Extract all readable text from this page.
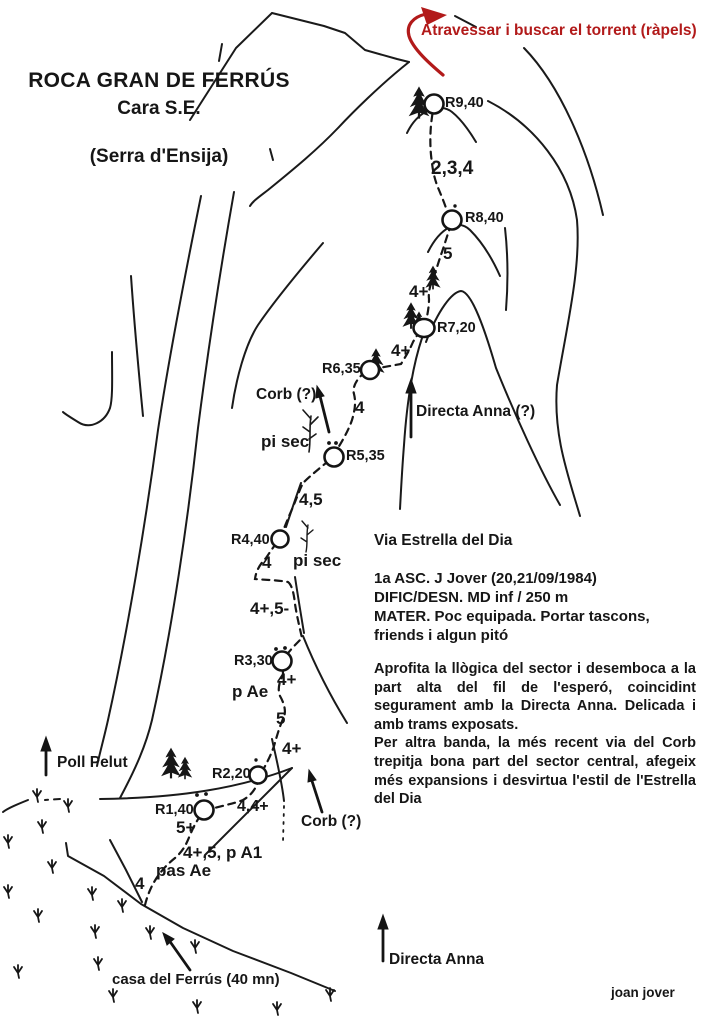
Atravessar i buscar el torrent (ràpels)
ROCA GRAN DE FERRÚS
Cara S.E.
(Serra d'Ensija)
R9,40
R8,40
R7,20
R6,35
R5,35
R4,40
R3,30
R2,20
R1,40
2,3,4
5
4+
4+
4
4,5
4
4+,5-
4+
p Ae
5
4+
4,4+
5+
4+,5, p A1
pas Ae
4
pi sec
pi sec
Corb (?)
Directa Anna (?)
Corb (?)
Poll Pelut
Directa Anna
casa del Ferrús (40 mn)
Via Estrella del Dia
1a ASC. J Jover (20,21/09/1984)
DIFIC/DESN. MD inf / 250 m
MATER. Poc equipada. Portar tascons,
friends i algun pitó
Aprofita la llògica del sector i desemboca a la part alta del fil de l'esperó, coincidint segurament amb la Directa Anna. Delicada i amb trams exposats.
Per altra banda, la més recent via del Corb trepitja bona part del sector central, afegeix més expansions i desvirtua l'estil de l'Estrella del Dia
joan jover
